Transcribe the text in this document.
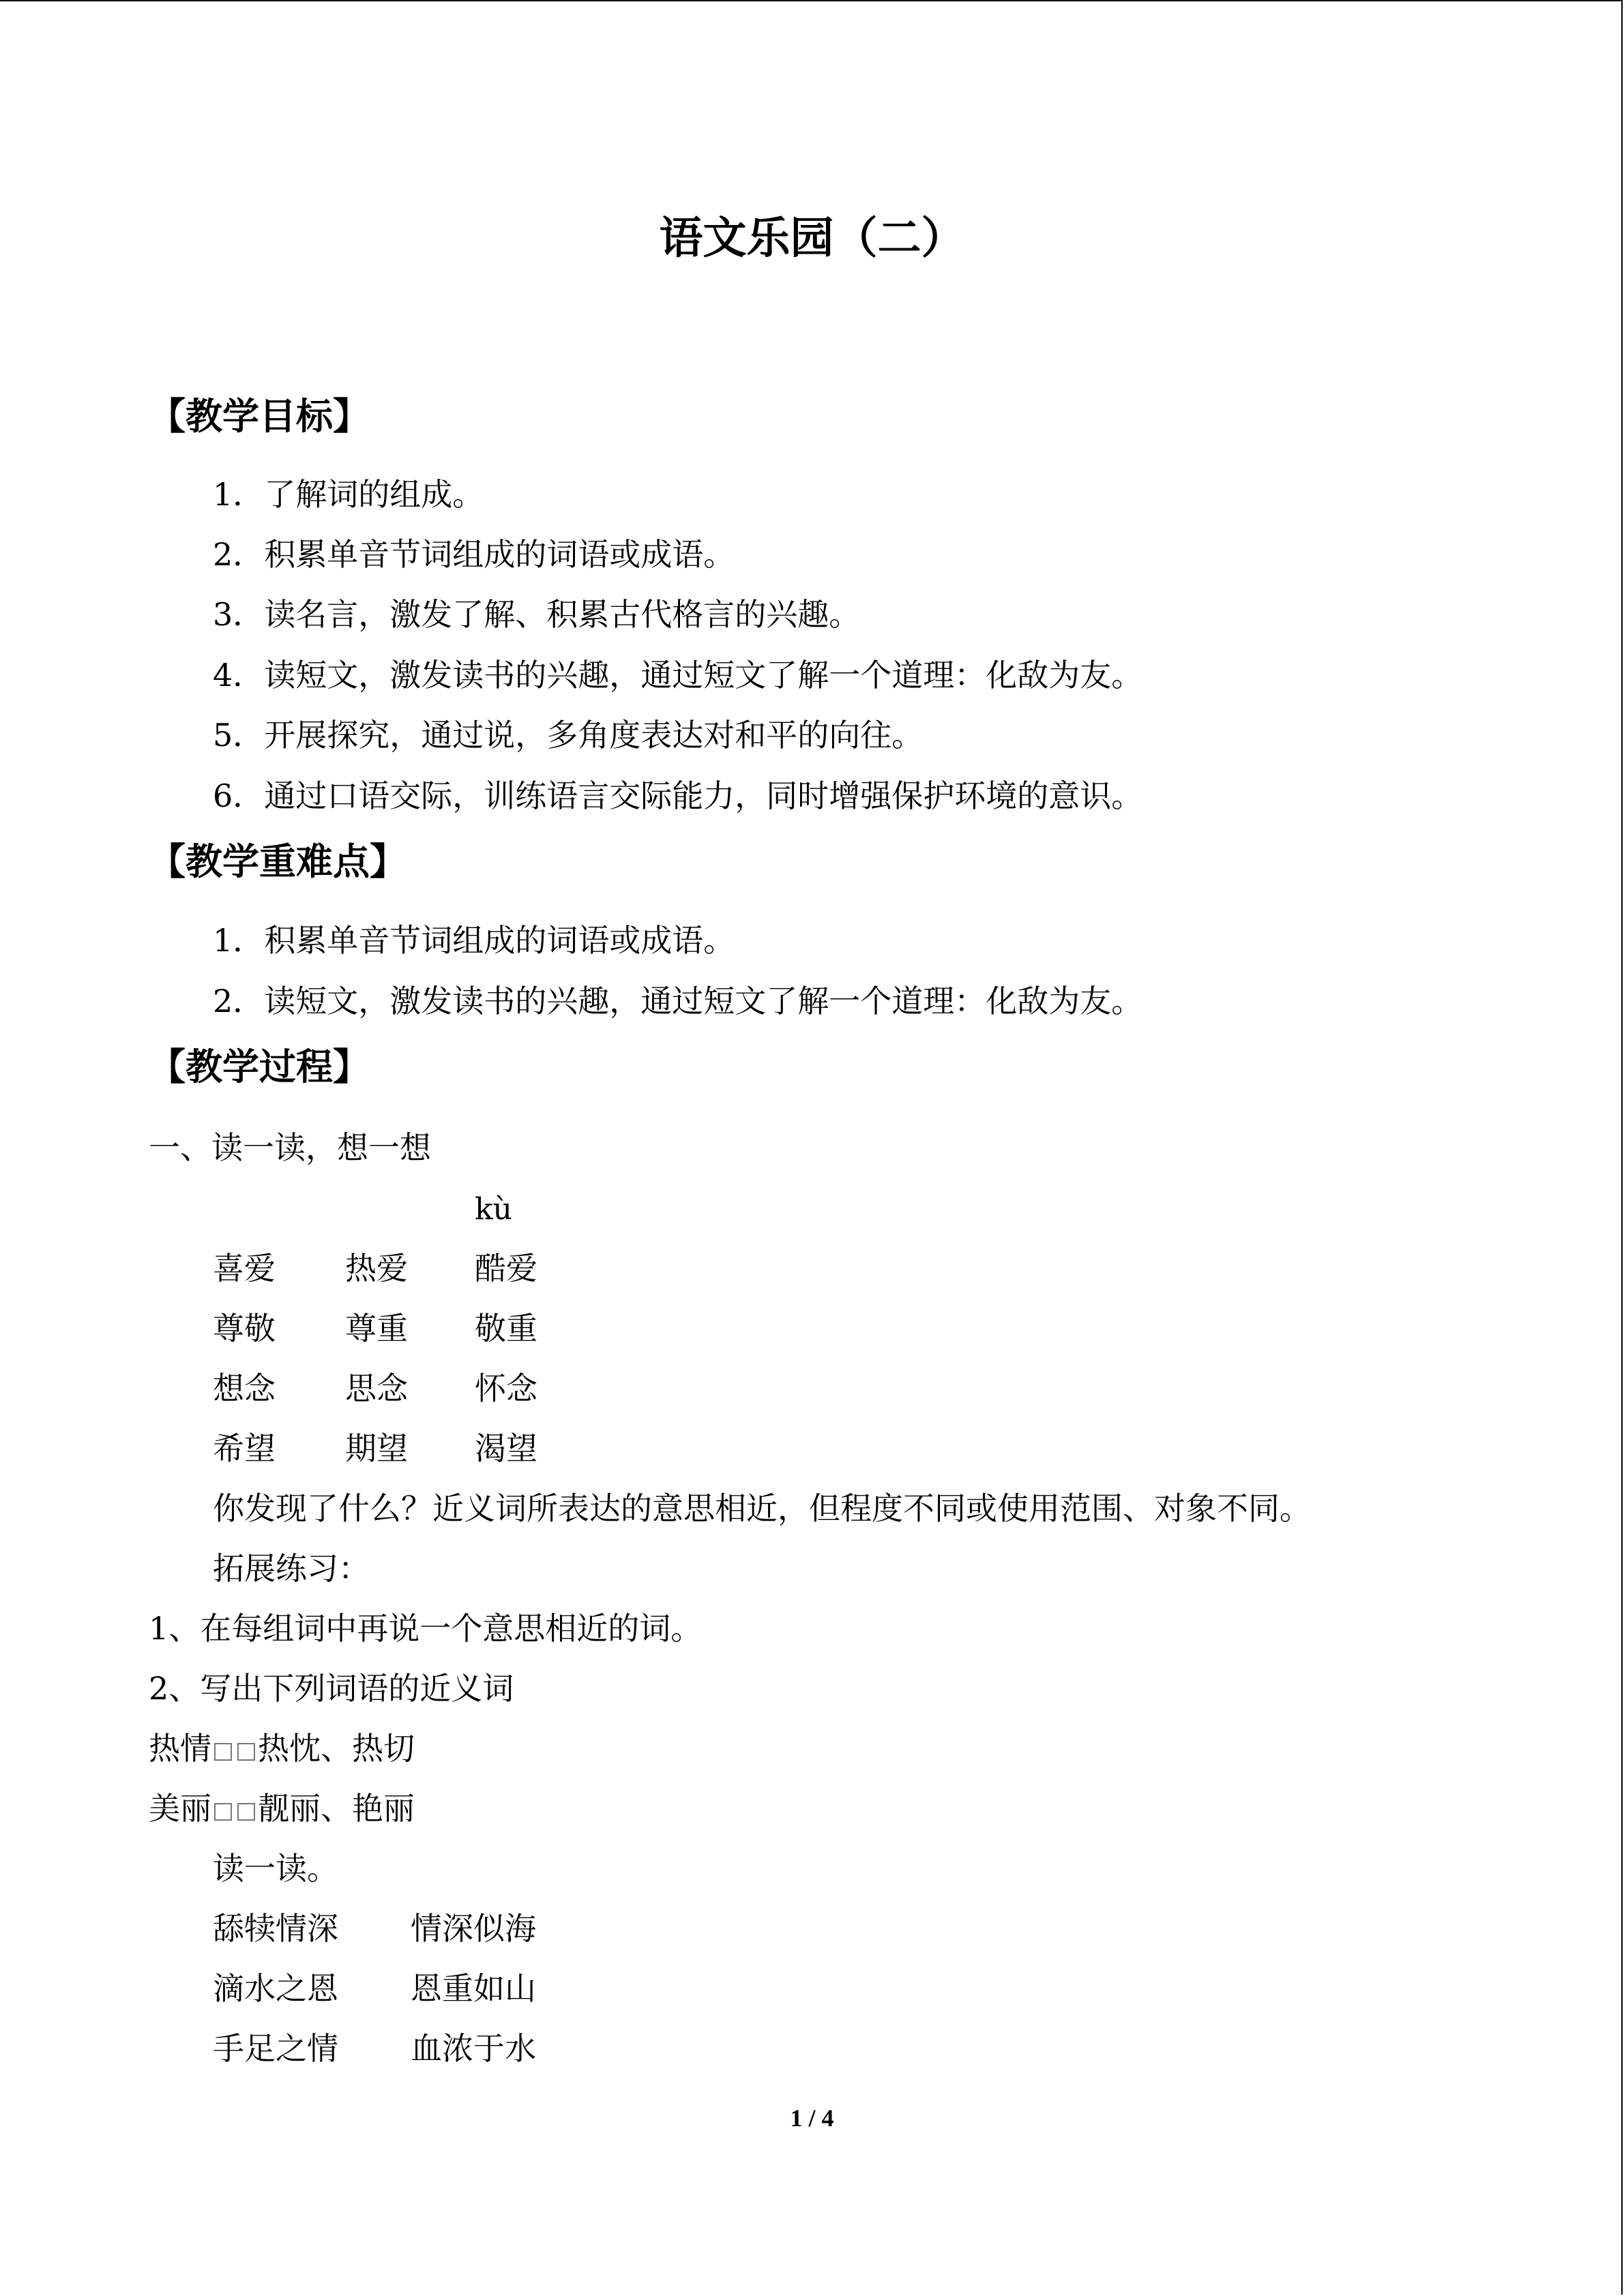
语文乐园（二）
【教学目标】
1．了解词的组成。
2．积累单音节词组成的词语或成语。
3．读名言，激发了解、积累古代格言的兴趣。
4．读短文，激发读书的兴趣，通过短文了解一个道理：化敌为友。
5．开展探究，通过说，多角度表达对和平的向往。
6．通过口语交际，训练语言交际能力，同时增强保护环境的意识。
【教学重难点】
1．积累单音节词组成的词语或成语。
2．读短文，激发读书的兴趣，通过短文了解一个道理：化敌为友。
【教学过程】
一、读一读，想一想
kù
喜爱 热爱 酷爱
尊敬 尊重 敬重
想念 思念 怀念
希望 期望 渴望
你发现了什么？近义词所表达的意思相近，但程度不同或使用范围、对象不同。
拓展练习：
1、在每组词中再说一个意思相近的词。
2、写出下列词语的近义词
热情 热忱、热切
美丽 靓丽、艳丽
读一读。
舔犊情深 情深似海
滴水之恩 恩重如山
手足之情 血浓于水
1 / 4
